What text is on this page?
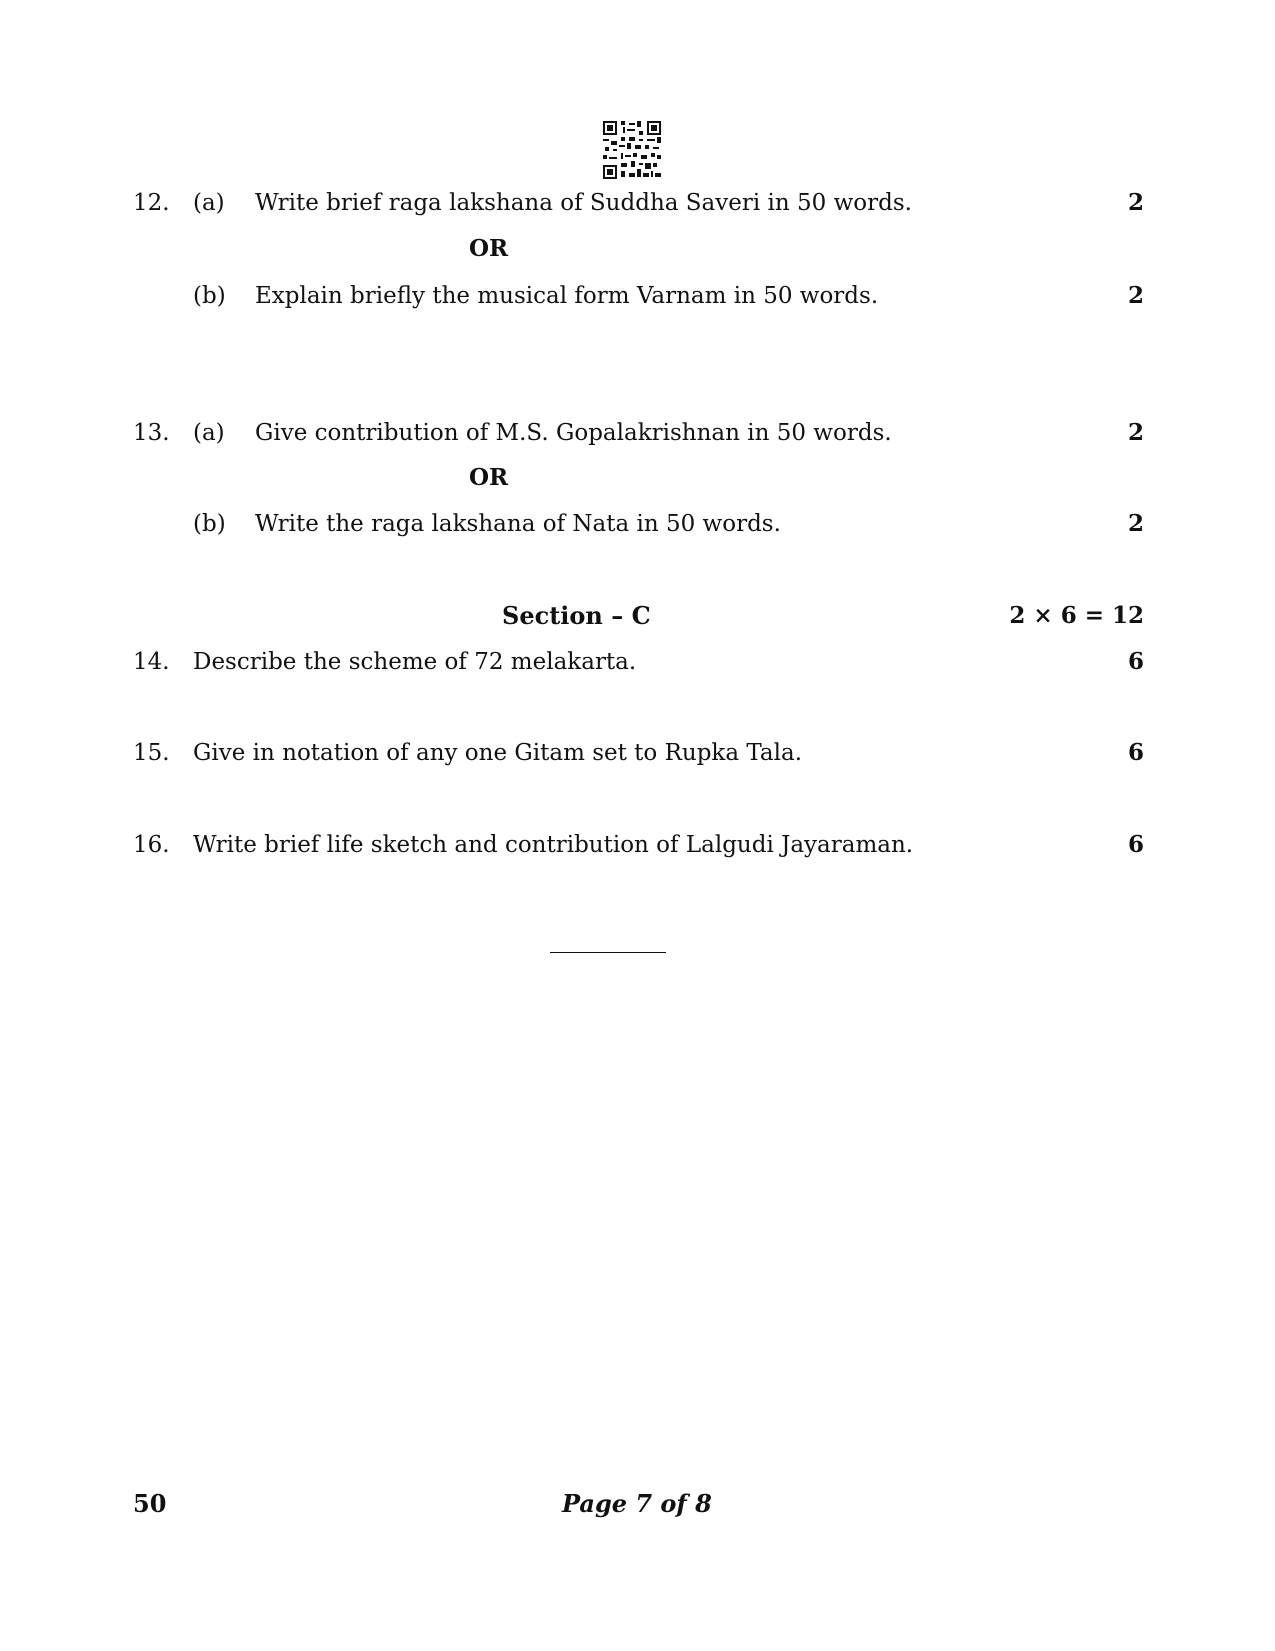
12. (a) Write brief raga lakshana of Suddha Saveri in 50 words.	2
OR
(b) Explain briefly the musical form Varnam in 50 words.	2
13. (a) Give contribution of M.S. Gopalakrishnan in 50 words.	2
OR
(b) Write the raga lakshana of Nata in 50 words.	2
Section – C	2 × 6 = 12
14. Describe the scheme of 72 melakarta.	6
15. Give in notation of any one Gitam set to Rupka Tala.	6
16. Write brief life sketch and contribution of Lalgudi Jayaraman.	6
50	Page 7 of 8
